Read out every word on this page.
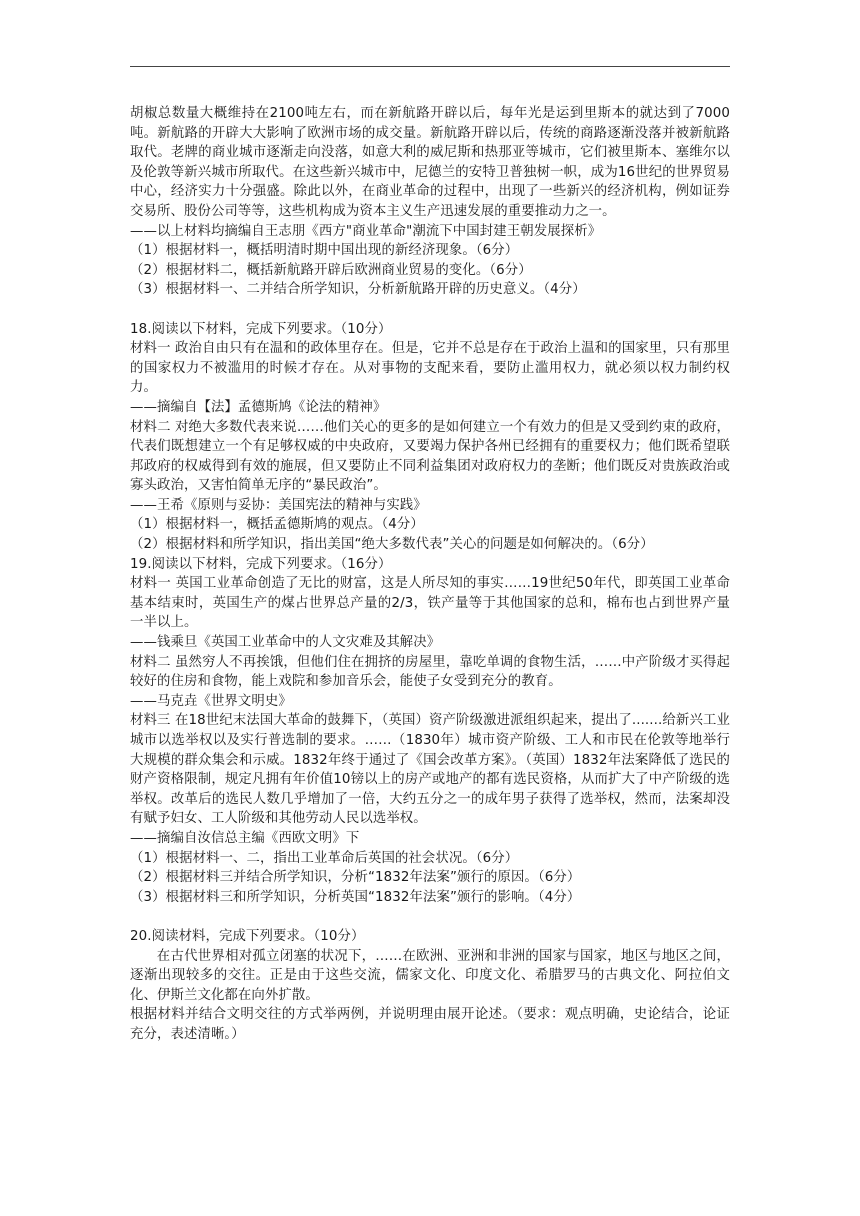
胡椒总数量大概维持在2100吨左右，而在新航路开辟以后，每年光是运到里斯本的就达到了7000吨。新航路的开辟大大影响了欧洲市场的成交量。新航路开辟以后，传统的商路逐渐没落并被新航路取代。老牌的商业城市逐渐走向没落，如意大利的威尼斯和热那亚等城市，它们被里斯本、塞维尔以及伦敦等新兴城市所取代。在这些新兴城市中，尼德兰的安特卫普独树一帜，成为16世纪的世界贸易中心，经济实力十分强盛。除此以外，在商业革命的过程中，出现了一些新兴的经济机构，例如证券交易所、股份公司等等，这些机构成为资本主义生产迅速发展的重要推动力之一。

——以上材料均摘编自王志朋《西方"商业革命"潮流下中国封建王朝发展探析》

（1）根据材料一，概括明清时期中国出现的新经济现象。（6分）

（2）根据材料二，概括新航路开辟后欧洲商业贸易的变化。（6分）

（3）根据材料一、二并结合所学知识，分析新航路开辟的历史意义。（4分）

18.阅读以下材料，完成下列要求。（10分）

材料一 政治自由只有在温和的政体里存在。但是，它并不总是存在于政治上温和的国家里，只有那里的国家权力不被滥用的时候才存在。从对事物的支配来看，要防止滥用权力，就必须以权力制约权力。

——摘编自【法】孟德斯鸠《论法的精神》

材料二 对绝大多数代表来说……他们关心的更多的是如何建立一个有效力的但是又受到约束的政府，代表们既想建立一个有足够权威的中央政府，又要竭力保护各州已经拥有的重要权力；他们既希望联邦政府的权威得到有效的施展，但又要防止不同利益集团对政府权力的垄断；他们既反对贵族政治或寡头政治，又害怕简单无序的“暴民政治”。

——王希《原则与妥协：美国宪法的精神与实践》

（1）根据材料一，概括孟德斯鸠的观点。（4分）

（2）根据材料和所学知识，指出美国“绝大多数代表”关心的问题是如何解决的。（6分）

19.阅读以下材料，完成下列要求。（16分）

材料一 英国工业革命创造了无比的财富，这是人所尽知的事实……19世纪50年代，即英国工业革命基本结束时，英国生产的煤占世界总产量的2/3，铁产量等于其他国家的总和，棉布也占到世界产量一半以上。

——钱乘旦《英国工业革命中的人文灾难及其解决》

材料二 虽然穷人不再挨饿，但他们住在拥挤的房屋里，靠吃单调的食物生活，……中产阶级才买得起较好的住房和食物，能上戏院和参加音乐会，能使子女受到充分的教育。

——马克垚《世界文明史》

材料三 在18世纪末法国大革命的鼓舞下，（英国）资产阶级激进派组织起来，提出了.......给新兴工业城市以选举权以及实行普选制的要求。……（1830年）城市资产阶级、工人和市民在伦敦等地举行大规模的群众集会和示威。1832年终于通过了《国会改革方案》。（英国）1832年法案降低了选民的财产资格限制，规定凡拥有年价值10镑以上的房产或地产的都有选民资格，从而扩大了中产阶级的选举权。改革后的选民人数几乎增加了一倍，大约五分之一的成年男子获得了选举权，然而，法案却没有赋予妇女、工人阶级和其他劳动人民以选举权。

——摘编自汝信总主编《西欧文明》下

（1）根据材料一、二，指出工业革命后英国的社会状况。（6分）

（2）根据材料三并结合所学知识，分析“1832年法案”颁行的原因。（6分）

（3）根据材料三和所学知识，分析英国“1832年法案”颁行的影响。（4分）

20.阅读材料，完成下列要求。（10分）

在古代世界相对孤立闭塞的状况下，……在欧洲、亚洲和非洲的国家与国家，地区与地区之间，逐渐出现较多的交往。正是由于这些交流，儒家文化、印度文化、希腊罗马的古典文化、阿拉伯文化、伊斯兰文化都在向外扩散。

根据材料并结合文明交往的方式举两例，并说明理由展开论述。（要求：观点明确，史论结合，论证充分，表述清晰。）
